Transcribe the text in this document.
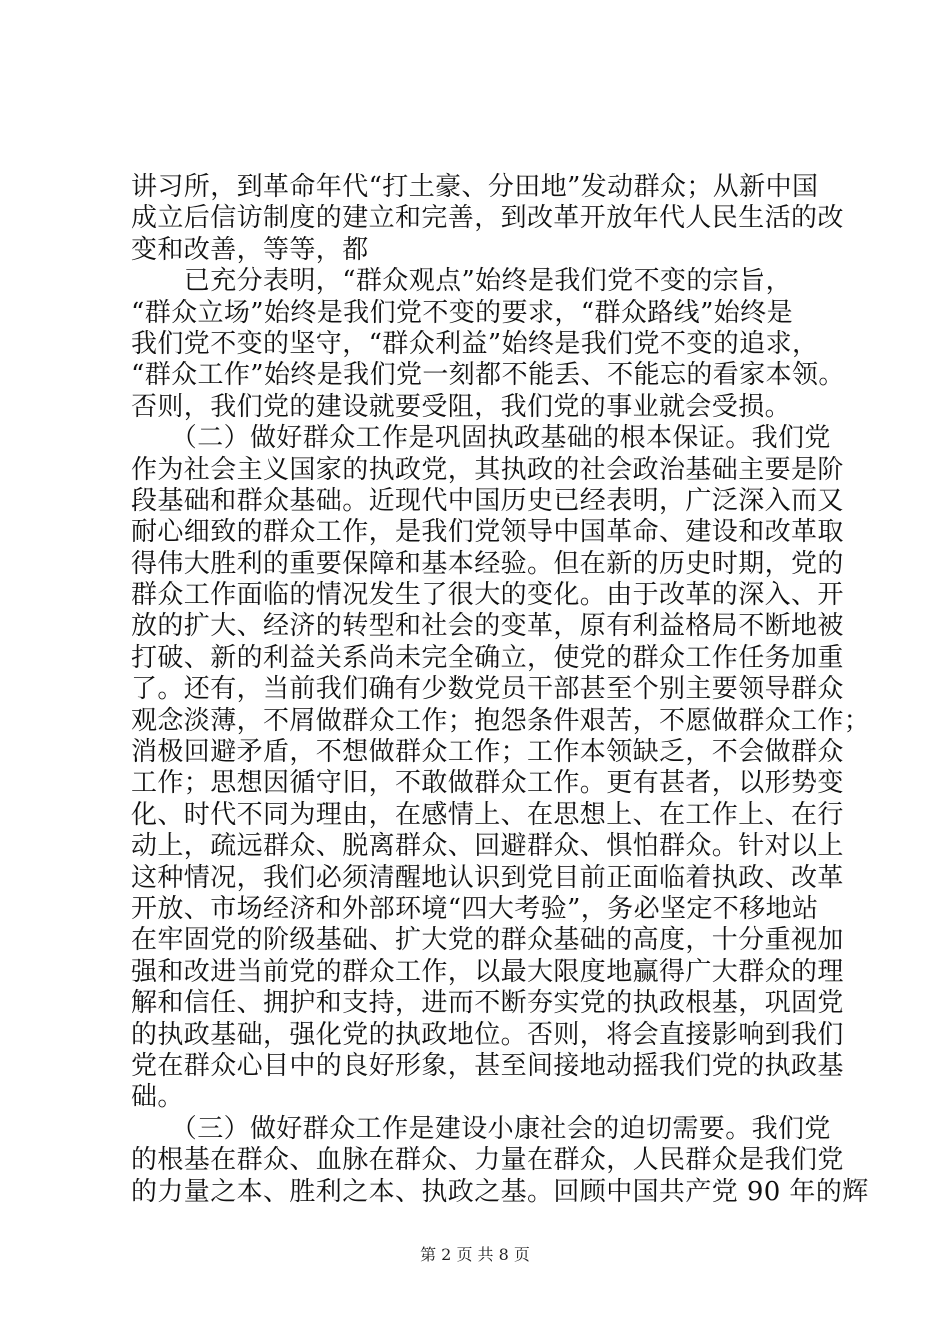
讲习所，到革命年代“打土豪、分田地”发动群众；从新中国
成立后信访制度的建立和完善，到改革开放年代人民生活的改
变和改善，等等，都
　　已充分表明，“群众观点”始终是我们党不变的宗旨，
“群众立场”始终是我们党不变的要求，“群众路线”始终是
我们党不变的坚守，“群众利益”始终是我们党不变的追求，
“群众工作”始终是我们党一刻都不能丢、不能忘的看家本领。
否则，我们党的建设就要受阻，我们党的事业就会受损。
　　（二）做好群众工作是巩固执政基础的根本保证。我们党
作为社会主义国家的执政党，其执政的社会政治基础主要是阶
段基础和群众基础。近现代中国历史已经表明，广泛深入而又
耐心细致的群众工作，是我们党领导中国革命、建设和改革取
得伟大胜利的重要保障和基本经验。但在新的历史时期，党的
群众工作面临的情况发生了很大的变化。由于改革的深入、开
放的扩大、经济的转型和社会的变革，原有利益格局不断地被
打破、新的利益关系尚未完全确立，使党的群众工作任务加重
了。还有，当前我们确有少数党员干部甚至个别主要领导群众
观念淡薄，不屑做群众工作；抱怨条件艰苦，不愿做群众工作；
消极回避矛盾，不想做群众工作；工作本领缺乏，不会做群众
工作；思想因循守旧，不敢做群众工作。更有甚者，以形势变
化、时代不同为理由，在感情上、在思想上、在工作上、在行
动上，疏远群众、脱离群众、回避群众、惧怕群众。针对以上
这种情况，我们必须清醒地认识到党目前正面临着执政、改革
开放、市场经济和外部环境“四大考验”，务必坚定不移地站
在牢固党的阶级基础、扩大党的群众基础的高度，十分重视加
强和改进当前党的群众工作，以最大限度地赢得广大群众的理
解和信任、拥护和支持，进而不断夯实党的执政根基，巩固党
的执政基础，强化党的执政地位。否则，将会直接影响到我们
党在群众心目中的良好形象，甚至间接地动摇我们党的执政基
础。
　　（三）做好群众工作是建设小康社会的迫切需要。我们党
的根基在群众、血脉在群众、力量在群众，人民群众是我们党
的力量之本、胜利之本、执政之基。回顾中国共产党 90 年的辉
第 2 页 共 8 页
